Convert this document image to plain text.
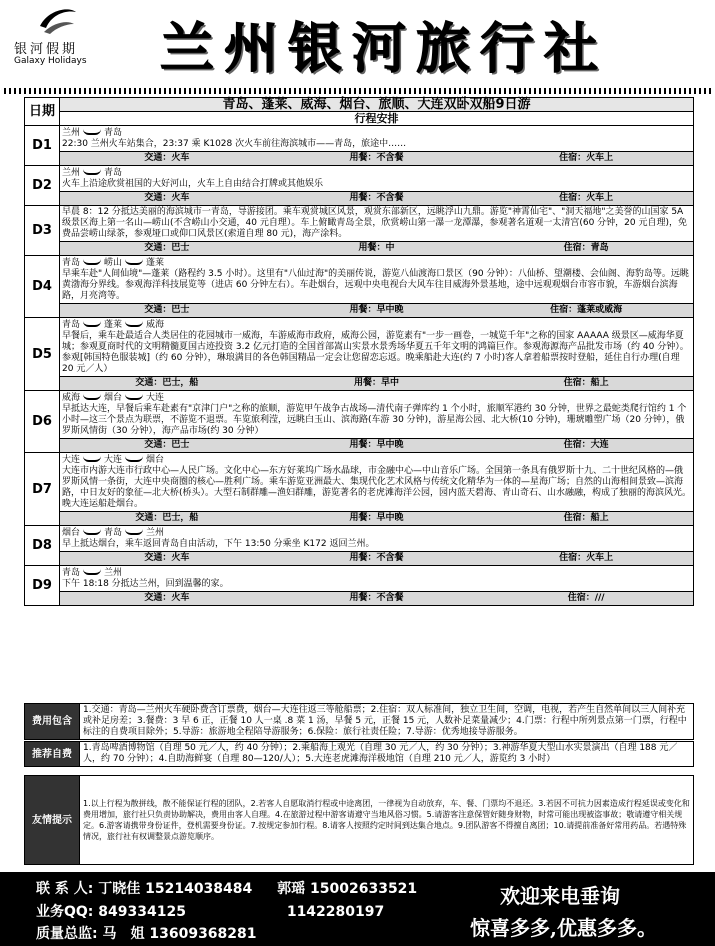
银河假期
Galaxy Holidays 兰州银河旅行社
日期	青岛、蓬莱、威海、烟台、旅顺、大连双卧双船9日游
	行程安排
D1	兰州 青岛
22:30 兰州火车站集合，23:37 乘 K1028 次火车前往海滨城市——青岛，旅途中……

	交通：火车 用餐：不含餐 住宿：火车上

D2	兰州 青岛
火车上沿途欣赏祖国的大好河山，火车上自由结合打牌或其他娱乐

	交通：火车 用餐：不含餐 住宿：火车上

D3	早晨 8：12 分抵达美丽的海滨城市一青岛，导游接团。乘车观赏城区风景，观赏东部新区，远眺浮山九鼎。游览"神霄仙宅"、"洞天福地"之美誉的山国家 5A 级景区海上第一名山—崂山(不含崂山小交通，40 元自理）。车上俯瞰青岛全景，欣赏崂山第一瀑一龙潭瀑，参观著名道观一太清宫(60 分钟，20 元自理)，免费品尝崂山绿茶，参观垭口或仰口风景区(索道自理 80 元)，海产涂料。

	交通：巴士 用餐：中 住宿：青岛

D4	青岛 崂山 蓬莱
早乘车赴"人间仙境"—蓬莱（路程约 3.5 小时）。这里有"八仙过海"的美丽传说，游览八仙渡海口景区（90 分钟）：八仙桥、望潮楼、会仙阁、海豹岛等。远眺黄渤海分界线。参观海洋科技展览等（进店 60 分钟左右）。车赴烟台，远观中央电视台大风车往目威海外景基地，途中远观观烟台市容市貌，车游烟台滨海路，月亮湾等。

	交通：巴士 用餐：早中晚 住宿：蓬莱或威海

D5	青岛 蓬莱 威海
早餐后，乘车赴最适合人类居住的花园城市一威海，车游威海市政府，威海公园，游览素有"一步一画卷，一城览千年"之称的国家 AAAAA 级景区—威海华夏城；参观夏商时代的文明精髓夏国古迹投资 3.2 亿元打造的全国首部嵩山实景水景秀场华夏五千年文明的鸿篇巨作。参观海源海产品批发市场（约 40 分钟）。参观[韩国特色服装城]（约 60 分钟），琳琅满目的各色韩国精品一定会让您留恋忘返。晚乘船赴大连(约 7 小时)客人拿着船票按时登船，延住自行办理(自理 20 元／人）

	交通：巴士，船 用餐：早中 住宿：船上

D6	威海 烟台 大连
早抵达大连，早餐后乘车赴素有"京津门户"之称的旅顺，游览甲午战争古战场—清代南子弹库约 1 个小时，旅顺军港约 30 分钟，世界之最蛇类爬行馆约 1 个小时—这三个景点为联票，不游览不退票。车览旅利滢，远眺白玉山、滨海路(车游 30 分钟)，游星海公园、北大桥(10 分钟)，珊琥雕塑广场（20 分钟），俄罗斯风情街（30 分钟），海产品市场(约 30 分钟）

	交通：巴士 用餐：早中晚 住宿：大连

D7	大连 大连 烟台
大连市内游大连市行政中心—人民广场。文化中心—东方好莱坞广场水晶球，市金融中心—中山音乐广场。全国第一条具有俄罗斯十九、二十世纪风格的—俄罗斯风情一条街，大连中央商圈的核心—胜利广场。乘车游览亚洲最大、集现代化艺术风格与传统文化精华为一体的—星海广场；自然的山海相间景致—滨海路，中日友好的象征—北大桥(桥头）。大型石制群雕—渔妇群雕，游览著名的老虎滩海洋公园，园内蓝天碧海、青山奇石、山水融融，构成了独丽的海滨风光。晚大连运船赴烟台。

	交通：巴士，船 用餐：早中晚 住宿：船上

D8	烟台 青岛 兰州
早上抵达烟台，乘车返回青岛自由活动，下午 13:50 分乘坐 K172 返回兰州。

	交通：火车 用餐：不含餐 住宿：火车上

D9	青岛 兰州
下午 18:18 分抵达兰州，回到温馨的家。

	交通：火车 用餐：不含餐 住宿：///
费用包含	1.交通：青岛—兰州火车硬卧费含订票费，烟台—大连往返三等舱船票；2.住宿：双人标准间，独立卫生间，空调，电视，若产生自然单间以三人间补充或补足房差；3.餐费：3 早 6 正，正餐 10 人一桌 .8 菜 1 汤，早餐 5 元，正餐 15 元，人数补足菜量减少；4.门票：行程中所列景点第一门票，行程中标注的自费项目除外；5.导游：旅游地全程陪导游服务；6.保险：旅行社责任险；7.导游：优秀地接导游服务。
推荐自费	1.青岛啤酒博物馆（自理 50 元／人，约 40 分钟）；2.乘船海上观光（自理 30 元／人，约 30 分钟）；3.神游华夏大型山水实景演出（自理 188 元／人，约 70 分钟）；4.自助海鲜宴（自理 80—120/人）；5.大连老虎滩海洋极地馆（自理 210 元／人，游览约 3 小时）
友情提示	1.以上行程为散拼线，散不能保证行程的团队，2.若客人自愿取消行程或中途离团，一律视为自动放弃，车、餐、门票均不退还。3.若因不可抗力因素造成行程延误或变化和费用增加，旅行社只负责协助解决，费用由客人自理。4.在旅游过程中游客请遵守当地风俗习惯。5.请游客注意保管好随身财物，时常可能出现被盗事故；敬请遵守相关规定。6.游客请携带身份证件，登机需要身份证。7.按规定参加行程。8.请客人按照约定时间到达集合地点。9.团队游客不得擅自离团；10.请提前准备好常用药品。若遇特殊情况，旅行社有权调整景点游览顺序。
联 系 人: 丁晓佳 15214038484 郭瑶 15002633521
业务QQ: 849334125	1142280197
质量总监: 马　姐 13609368281
欢迎来电垂询
惊喜多多,优惠多多。
